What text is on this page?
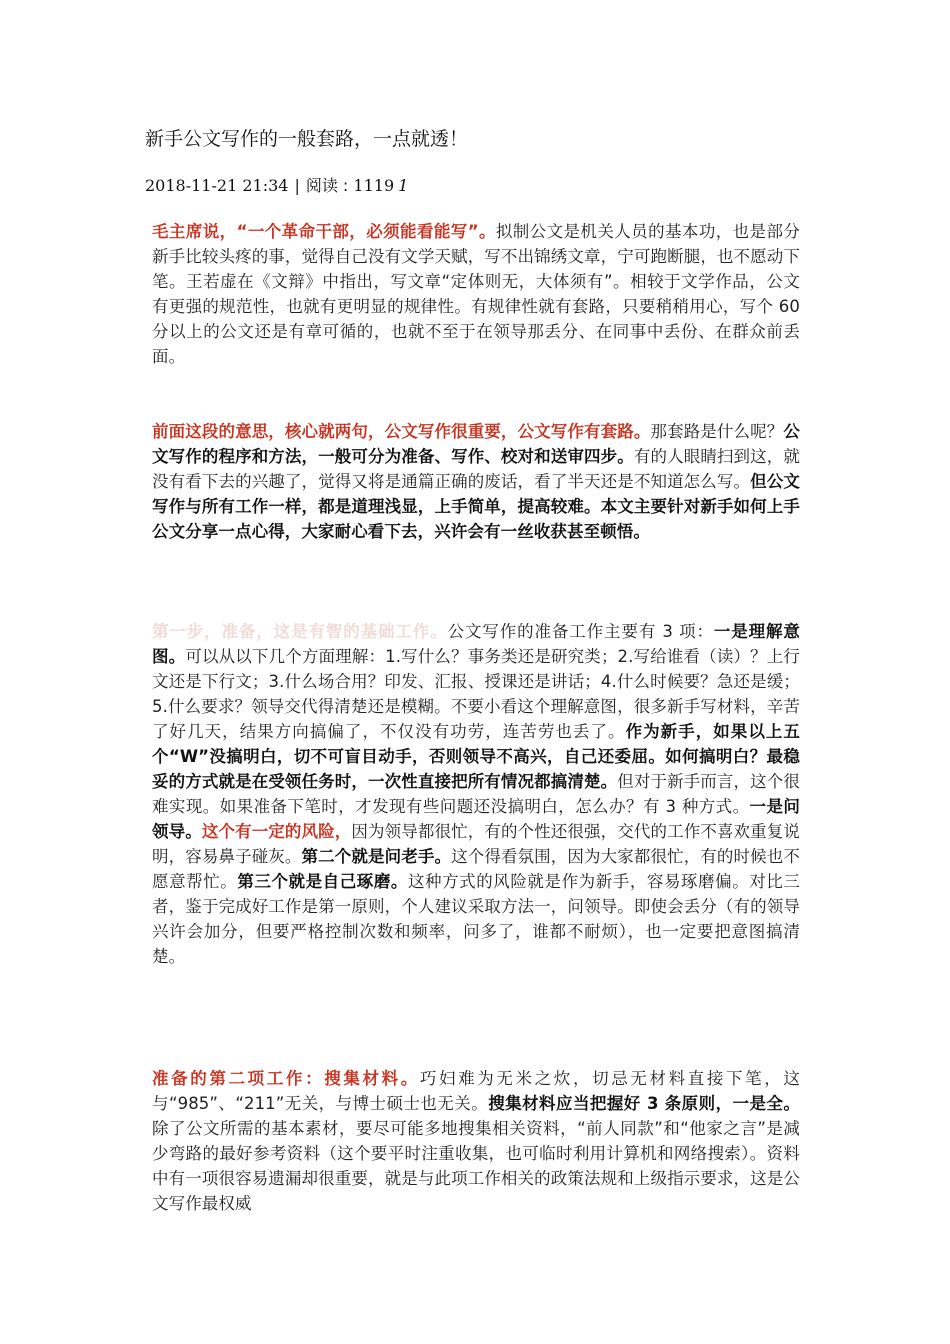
新手公文写作的一般套路，一点就透！
2018-11-21 21:34 | 阅读 : 1119 1

毛主席说，“一个革命干部，必须能看能写”。拟制公文是机关人员的基本功，也是部分新手比较头疼的事，觉得自己没有文学天赋，写不出锦绣文章，宁可跑断腿，也不愿动下笔。王若虚在《文辩》中指出，写文章“定体则无，大体须有”。相较于文学作品，公文有更强的规范性，也就有更明显的规律性。有规律性就有套路，只要稍稍用心，写个 60 分以上的公文还是有章可循的，也就不至于在领导那丢分、在同事中丢份、在群众前丢面。

前面这段的意思，核心就两句，公文写作很重要，公文写作有套路。那套路是什么呢？公文写作的程序和方法，一般可分为准备、写作、校对和送审四步。有的人眼睛扫到这，就没有看下去的兴趣了，觉得又将是通篇正确的废话，看了半天还是不知道怎么写。但公文写作与所有工作一样，都是道理浅显，上手简单，提高较难。本文主要针对新手如何上手公文分享一点心得，大家耐心看下去，兴许会有一丝收获甚至顿悟。

第一步，准备，这是有智的基础工作。公文写作的准备工作主要有 3 项：一是理解意图。可以从以下几个方面理解：1.写什么？事务类还是研究类；2.写给谁看（读）？上行文还是下行文；3.什么场合用？印发、汇报、授课还是讲话；4.什么时候要？急还是缓；5.什么要求？领导交代得清楚还是模糊。不要小看这个理解意图，很多新手写材料，辛苦了好几天，结果方向搞偏了，不仅没有功劳，连苦劳也丢了。作为新手，如果以上五个“W”没搞明白，切不可盲目动手，否则领导不高兴，自己还委屈。如何搞明白？最稳妥的方式就是在受领任务时，一次性直接把所有情况都搞清楚。但对于新手而言，这个很难实现。如果准备下笔时，才发现有些问题还没搞明白，怎么办？有 3 种方式。一是问领导。这个有一定的风险，因为领导都很忙，有的个性还很强，交代的工作不喜欢重复说明，容易鼻子碰灰。第二个就是问老手。这个得看氛围，因为大家都很忙，有的时候也不愿意帮忙。第三个就是自己琢磨。这种方式的风险就是作为新手，容易琢磨偏。对比三者，鉴于完成好工作是第一原则，个人建议采取方法一，问领导。即使会丢分（有的领导兴许会加分，但要严格控制次数和频率，问多了，谁都不耐烦），也一定要把意图搞清楚。

准备的第二项工作：搜集材料。巧妇难为无米之炊，切忌无材料直接下笔，这与“985”、“211”无关，与博士硕士也无关。搜集材料应当把握好 3 条原则，一是全。除了公文所需的基本素材，要尽可能多地搜集相关资料，“前人同款”和“他家之言”是减少弯路的最好参考资料（这个要平时注重收集，也可临时利用计算机和网络搜索）。资料中有一项很容易遗漏却很重要，就是与此项工作相关的政策法规和上级指示要求，这是公文写作最权威
